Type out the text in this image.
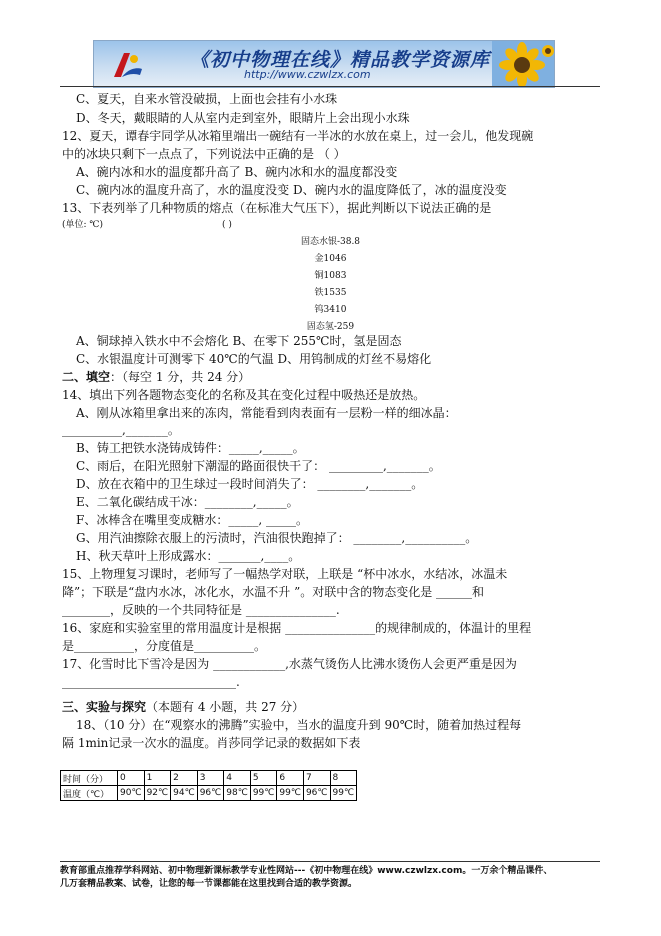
《初中物理在线》精品教学资源库
http://www.czwlzx.com
C、夏天，自来水管没破损，上面也会挂有小水珠
D、冬天，戴眼睛的人从室内走到室外，眼睛片上会出现小水珠
12、夏天，谭春宇同学从冰箱里端出一碗结有一半冰的水放在桌上，过一会儿，他发现碗
中的冰块只剩下一点点了，下列说法中正确的是 （ ）
A、碗内冰和水的温度都升高了 B、碗内冰和水的温度都没变
C、碗内冰的温度升高了，水的温度没变 D、碗内水的温度降低了，冰的温度没变
13、下表列举了几种物质的熔点（在标准大气压下），据此判断以下说法正确的是
(单位: ℃)	( )
固态水银-38.8
金1046
铜1083
铁1535
钨3410
固态氢-259
A、铜球掉入铁水中不会熔化 B、在零下 255℃时，氢是固态
C、水银温度计可测零下 40℃的气温 D、用钨制成的灯丝不易熔化
二、填空：（每空 1 分，共 24 分）
14、填出下列各题物态变化的名称及其在变化过程中吸热还是放热。
A、刚从冰箱里拿出来的冻肉，常能看到肉表面有一层粉一样的细冰晶：
__________,_______。
B、铸工把铁水浇铸成铸件：_____,_____。
C、雨后，在阳光照射下潮湿的路面很快干了： _________,_______。
D、放在衣箱中的卫生球过一段时间消失了： ________,_______。
E、二氧化碳结成干冰：________,_____。
F、冰棒含在嘴里变成糖水：_____, _____。
G、用汽油擦除衣服上的污渍时，汽油很快跑掉了： ________,__________。
H、秋天草叶上形成露水：_______,____。
15、上物理复习课时，老师写了一幅热学对联，上联是 “杯中冰水，水结冰，冰温未
降”；下联是“盘内水冰，冰化水，水温不升 ”。对联中含的物态变化是 ______和
________，反映的一个共同特征是 _______________.
16、家庭和实验室里的常用温度计是根据 _______________的规律制成的，体温计的里程
是__________，分度值是__________。
17、化雪时比下雪冷是因为 ____________,水蒸气烫伤人比沸水烫伤人会更严重是因为
_____________________________.
三、实验与探究（本题有 4 小题，共 27 分）
18、（10 分）在“观察水的沸腾”实验中，当水的温度升到 90℃时，随着加热过程每
隔 1min记录一次水的温度。肖莎同学记录的数据如下表
时间（分）	0	1	2	3	4	5	6	7	8
温度（℃）	90℃	92℃	94℃	96℃	98℃	99℃	99℃	96℃	99℃
教育部重点推荐学科网站、初中物理新课标教学专业性网站---《初中物理在线》www.czwlzx.com。一万余个精品课件、
几万套精品教案、试卷，让您的每一节课都能在这里找到合适的教学资源。
